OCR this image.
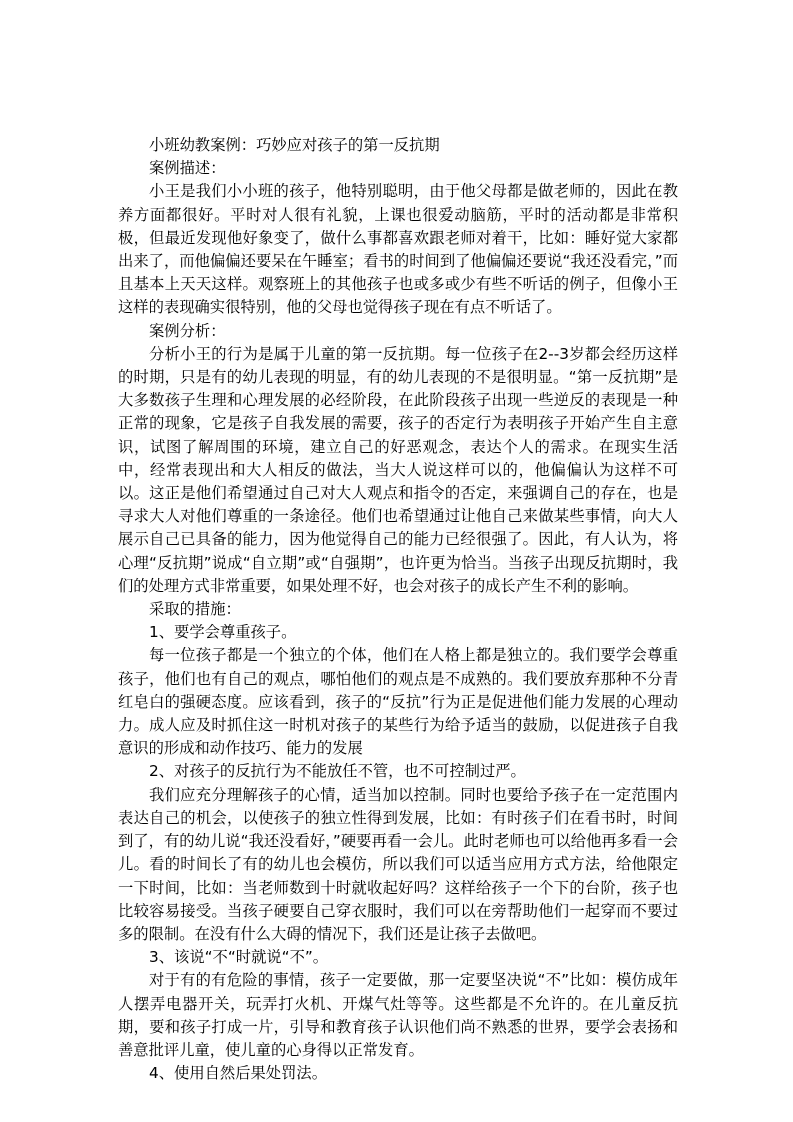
小班幼教案例：巧妙应对孩子的第一反抗期

案例描述：

小王是我们小小班的孩子，他特别聪明，由于他父母都是做老师的，因此在教养方面都很好。平时对人很有礼貌，上课也很爱动脑筋，平时的活动都是非常积极，但最近发现他好象变了，做什么事都喜欢跟老师对着干，比如：睡好觉大家都出来了，而他偏偏还要呆在午睡室；看书的时间到了他偏偏还要说“我还没看完，”而且基本上天天这样。观察班上的其他孩子也或多或少有些不听话的例子，但像小王这样的表现确实很特别，他的父母也觉得孩子现在有点不听话了。

案例分析：

分析小王的行为是属于儿童的第一反抗期。每一位孩子在2--3岁都会经历这样的时期，只是有的幼儿表现的明显，有的幼儿表现的不是很明显。“第一反抗期”是大多数孩子生理和心理发展的必经阶段，在此阶段孩子出现一些逆反的表现是一种正常的现象，它是孩子自我发展的需要，孩子的否定行为表明孩子开始产生自主意识，试图了解周围的环境，建立自己的好恶观念，表达个人的需求。在现实生活中，经常表现出和大人相反的做法，当大人说这样可以的，他偏偏认为这样不可以。这正是他们希望通过自己对大人观点和指令的否定，来强调自己的存在，也是寻求大人对他们尊重的一条途径。他们也希望通过让他自己来做某些事情，向大人展示自己已具备的能力，因为他觉得自己的能力已经很强了。因此，有人认为，将心理“反抗期”说成“自立期”或“自强期”，也许更为恰当。当孩子出现反抗期时，我们的处理方式非常重要，如果处理不好，也会对孩子的成长产生不利的影响。

采取的措施：

1、要学会尊重孩子。

每一位孩子都是一个独立的个体，他们在人格上都是独立的。我们要学会尊重孩子，他们也有自己的观点，哪怕他们的观点是不成熟的。我们要放弃那种不分青红皂白的强硬态度。应该看到，孩子的“反抗”行为正是促进他们能力发展的心理动力。成人应及时抓住这一时机对孩子的某些行为给予适当的鼓励，以促进孩子自我意识的形成和动作技巧、能力的发展

2、对孩子的反抗行为不能放任不管，也不可控制过严。

我们应充分理解孩子的心情，适当加以控制。同时也要给予孩子在一定范围内表达自己的机会，以使孩子的独立性得到发展，比如：有时孩子们在看书时，时间到了，有的幼儿说“我还没看好，”硬要再看一会儿。此时老师也可以给他再多看一会儿。看的时间长了有的幼儿也会模仿，所以我们可以适当应用方式方法，给他限定一下时间，比如：当老师数到十时就收起好吗？这样给孩子一个下的台阶，孩子也比较容易接受。当孩子硬要自己穿衣服时，我们可以在旁帮助他们一起穿而不要过多的限制。在没有什么大碍的情况下，我们还是让孩子去做吧。

3、该说“不“时就说“不”。

对于有的有危险的事情，孩子一定要做，那一定要坚决说“不”比如：模仿成年人摆弄电器开关，玩弄打火机、开煤气灶等等。这些都是不允许的。在儿童反抗期，要和孩子打成一片，引导和教育孩子认识他们尚不熟悉的世界，要学会表扬和善意批评儿童，使儿童的心身得以正常发育。

4、使用自然后果处罚法。
